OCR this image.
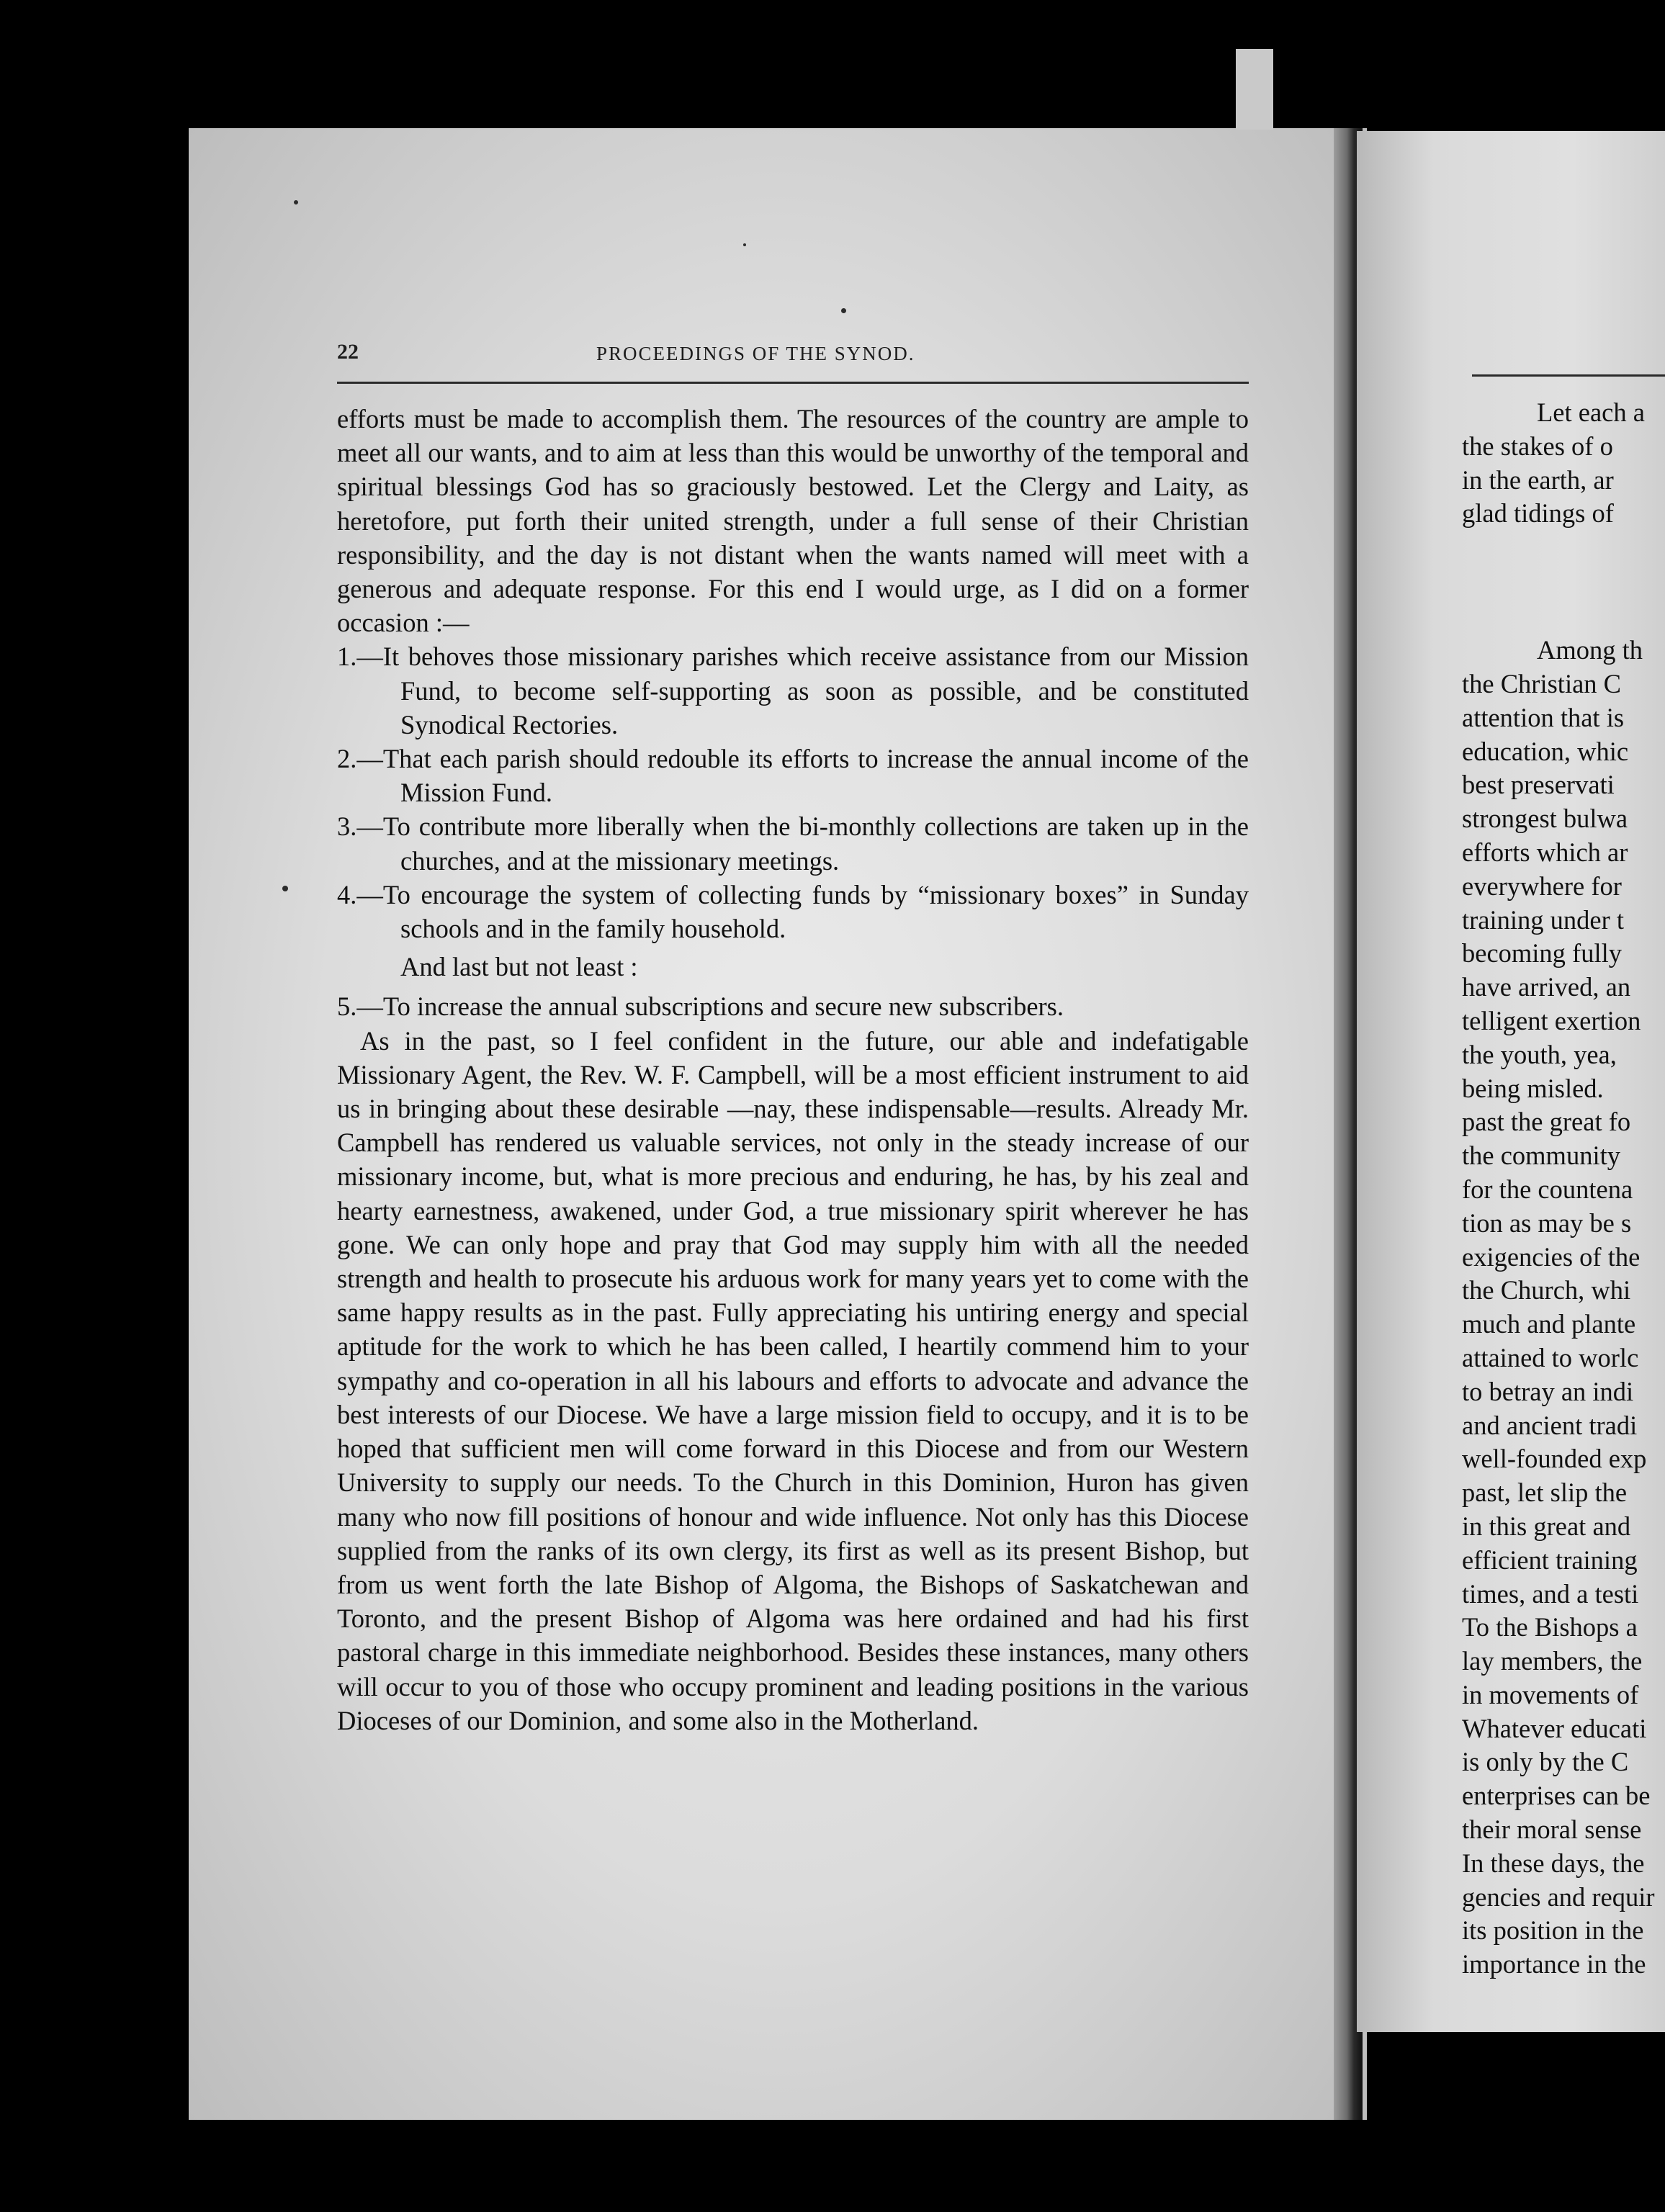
22	PROCEEDINGS OF THE SYNOD.

efforts must be made to accomplish them. The resources of the country are ample to meet all our wants, and to aim at less than this would be unworthy of the temporal and spiritual blessings God has so graciously bestowed. Let the Clergy and Laity, as heretofore, put forth their united strength, under a full sense of their Christian responsibility, and the day is not distant when the wants named will meet with a generous and adequate response. For this end I would urge, as I did on a former occasion :—

1.—It behoves those missionary parishes which receive assistance from our Mission Fund, to become self-supporting as soon as possible, and be constituted Synodical Rectories.

2.—That each parish should redouble its efforts to increase the annual income of the Mission Fund.

3.—To contribute more liberally when the bi-monthly collections are taken up in the churches, and at the missionary meetings.

4.—To encourage the system of collecting funds by “missionary boxes” in Sunday schools and in the family household.

And last but not least :

5.—To increase the annual subscriptions and secure new subscribers.

As in the past, so I feel confident in the future, our able and indefatigable Missionary Agent, the Rev. W. F. Campbell, will be a most efficient instrument to aid us in bringing about these desirable —nay, these indispensable—results. Already Mr. Campbell has rendered us valuable services, not only in the steady increase of our missionary income, but, what is more precious and enduring, he has, by his zeal and hearty earnestness, awakened, under God, a true missionary spirit wherever he has gone. We can only hope and pray that God may supply him with all the needed strength and health to prosecute his arduous work for many years yet to come with the same happy results as in the past. Fully appreciating his untiring energy and special aptitude for the work to which he has been called, I heartily commend him to your sympathy and co-operation in all his labours and efforts to advocate and advance the best interests of our Diocese. We have a large mission field to occupy, and it is to be hoped that sufficient men will come forward in this Diocese and from our Western University to supply our needs. To the Church in this Dominion, Huron has given many who now fill positions of honour and wide influence. Not only has this Diocese supplied from the ranks of its own clergy, its first as well as its present Bishop, but from us went forth the late Bishop of Algoma, the Bishops of Saskatchewan and Toronto, and the present Bishop of Algoma was here ordained and had his first pastoral charge in this immediate neighborhood. Besides these instances, many others will occur to you of those who occupy prominent and leading positions in the various Dioceses of our Dominion, and some also in the Motherland.

Let each a
the stakes of o
in the earth, ar
glad tidings of
Among th
the Christian C
attention that is
education, whic
best preservati
strongest bulwa
efforts which ar
everywhere for
training under t
becoming fully
have arrived, an
telligent exertion
the youth, yea,
being misled.
past the great fo
the community
for the countena
tion as may be s
exigencies of the
the Church, whi
much and plante
attained to worlc
to betray an indi
and ancient tradi
well-founded exp
past, let slip the
in this great and
efficient training
times, and a testi
To the Bishops a
lay members, the
in movements of
Whatever educati
is only by the C
enterprises can be
their moral sense
In these days, the
gencies and requir
its position in the
importance in the
